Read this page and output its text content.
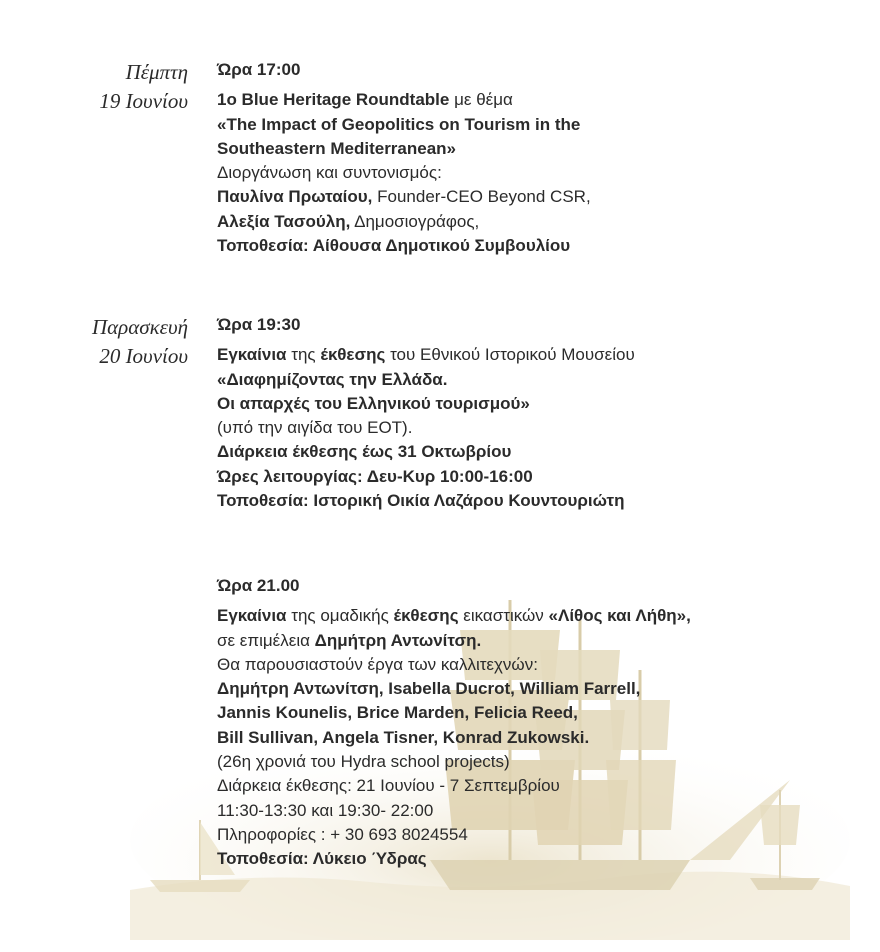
Πέμπτη
19 Ιουνίου
Ώρα 17:00
1ο Blue Heritage Roundtable με θέμα
«The Impact of Geopolitics on Tourism in the
Southeastern Mediterranean»
Διοργάνωση και συντονισμός:
Παυλίνα Πρωταίου, Founder-CEO Beyond CSR,
Αλεξία Τασούλη, Δημοσιογράφος,
Τοποθεσία: Αίθουσα Δημοτικού Συμβουλίου
Παρασκευή
20 Ιουνίου
Ώρα 19:30
Εγκαίνια της έκθεσης του Εθνικού Ιστορικού Μουσείου
«Διαφημίζοντας την Ελλάδα.
Οι απαρχές του Ελληνικού τουρισμού»
(υπό την αιγίδα του ΕΟΤ).
Διάρκεια έκθεσης έως 31 Οκτωβρίου
Ώρες λειτουργίας: Δευ-Κυρ 10:00-16:00
Τοποθεσία: Ιστορική Οικία Λαζάρου Κουντουριώτη
Ώρα 21.00
Εγκαίνια της ομαδικής έκθεσης εικαστικών «Λίθος και Λήθη»,
σε επιμέλεια Δημήτρη Αντωνίτση.
Θα παρουσιαστούν έργα των καλλιτεχνών:
Δημήτρη Αντωνίτση, Isabella Ducrot, William Farrell,
Jannis Kounelis, Brice Marden, Felicia Reed,
Bill Sullivan, Angela Tisner, Konrad Zukowski.
(26η χρονιά του Hydra school projects)
Διάρκεια έκθεσης: 21 Ιουνίου - 7 Σεπτεμβρίου
11:30-13:30 και 19:30- 22:00
Πληροφορίες : + 30 693 8024554
Τοποθεσία: Λύκειο Ύδρας
